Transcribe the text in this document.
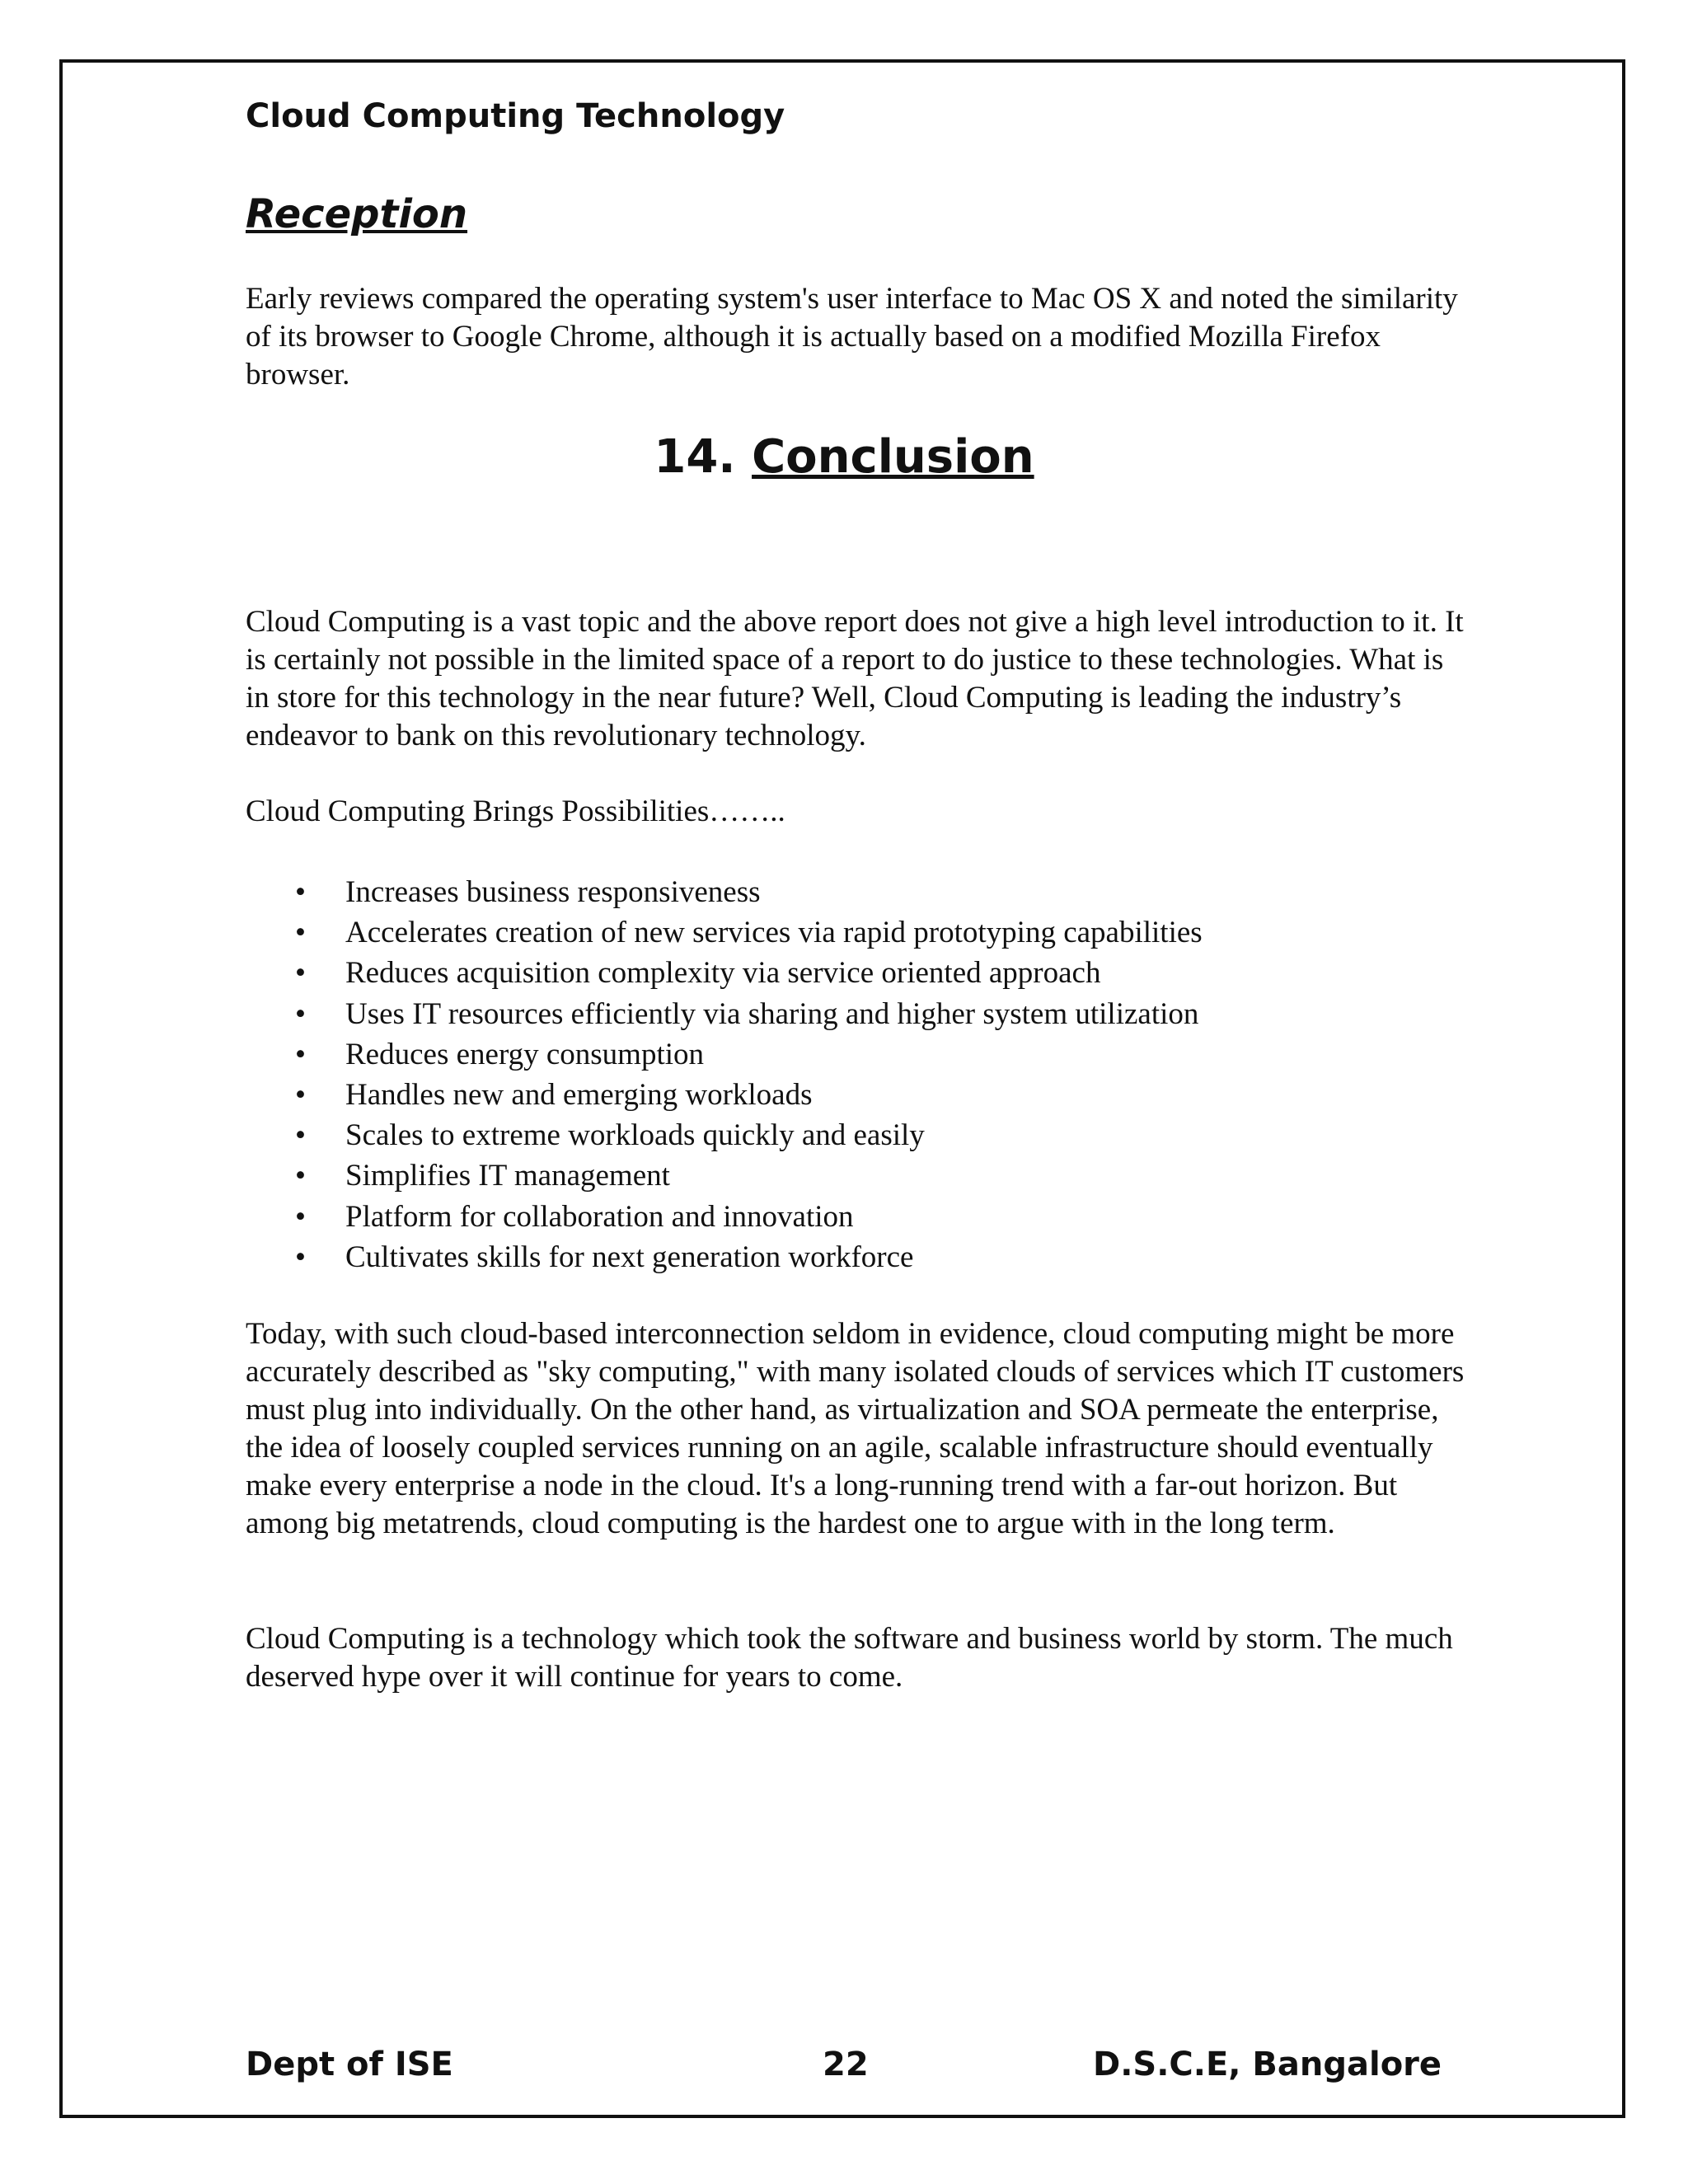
Cloud Computing Technology
Reception

Early reviews compared the operating system's user interface to Mac OS X and noted the similarity of its browser to Google Chrome, although it is actually based on a modified Mozilla Firefox browser.

14. Conclusion

Cloud Computing is a vast topic and the above report does not give a high level introduction to it. It is certainly not possible in the limited space of a report to do justice to these technologies. What is in store for this technology in the near future? Well, Cloud Computing is leading the industry’s endeavor to bank on this revolutionary technology.

Cloud Computing Brings Possibilities……..

• Increases business responsiveness
• Accelerates creation of new services via rapid prototyping capabilities
• Reduces acquisition complexity via service oriented approach
• Uses IT resources efficiently via sharing and higher system utilization
• Reduces energy consumption
• Handles new and emerging workloads
• Scales to extreme workloads quickly and easily
• Simplifies IT management
• Platform for collaboration and innovation
• Cultivates skills for next generation workforce

Today, with such cloud-based interconnection seldom in evidence, cloud computing might be more accurately described as "sky computing," with many isolated clouds of services which IT customers must plug into individually. On the other hand, as virtualization and SOA permeate the enterprise, the idea of loosely coupled services running on an agile, scalable infrastructure should eventually make every enterprise a node in the cloud. It's a long-running trend with a far-out horizon. But among big metatrends, cloud computing is the hardest one to argue with in the long term.

Cloud Computing is a technology which took the software and business world by storm. The much deserved hype over it will continue for years to come.

Dept of ISE	22	D.S.C.E, Bangalore
